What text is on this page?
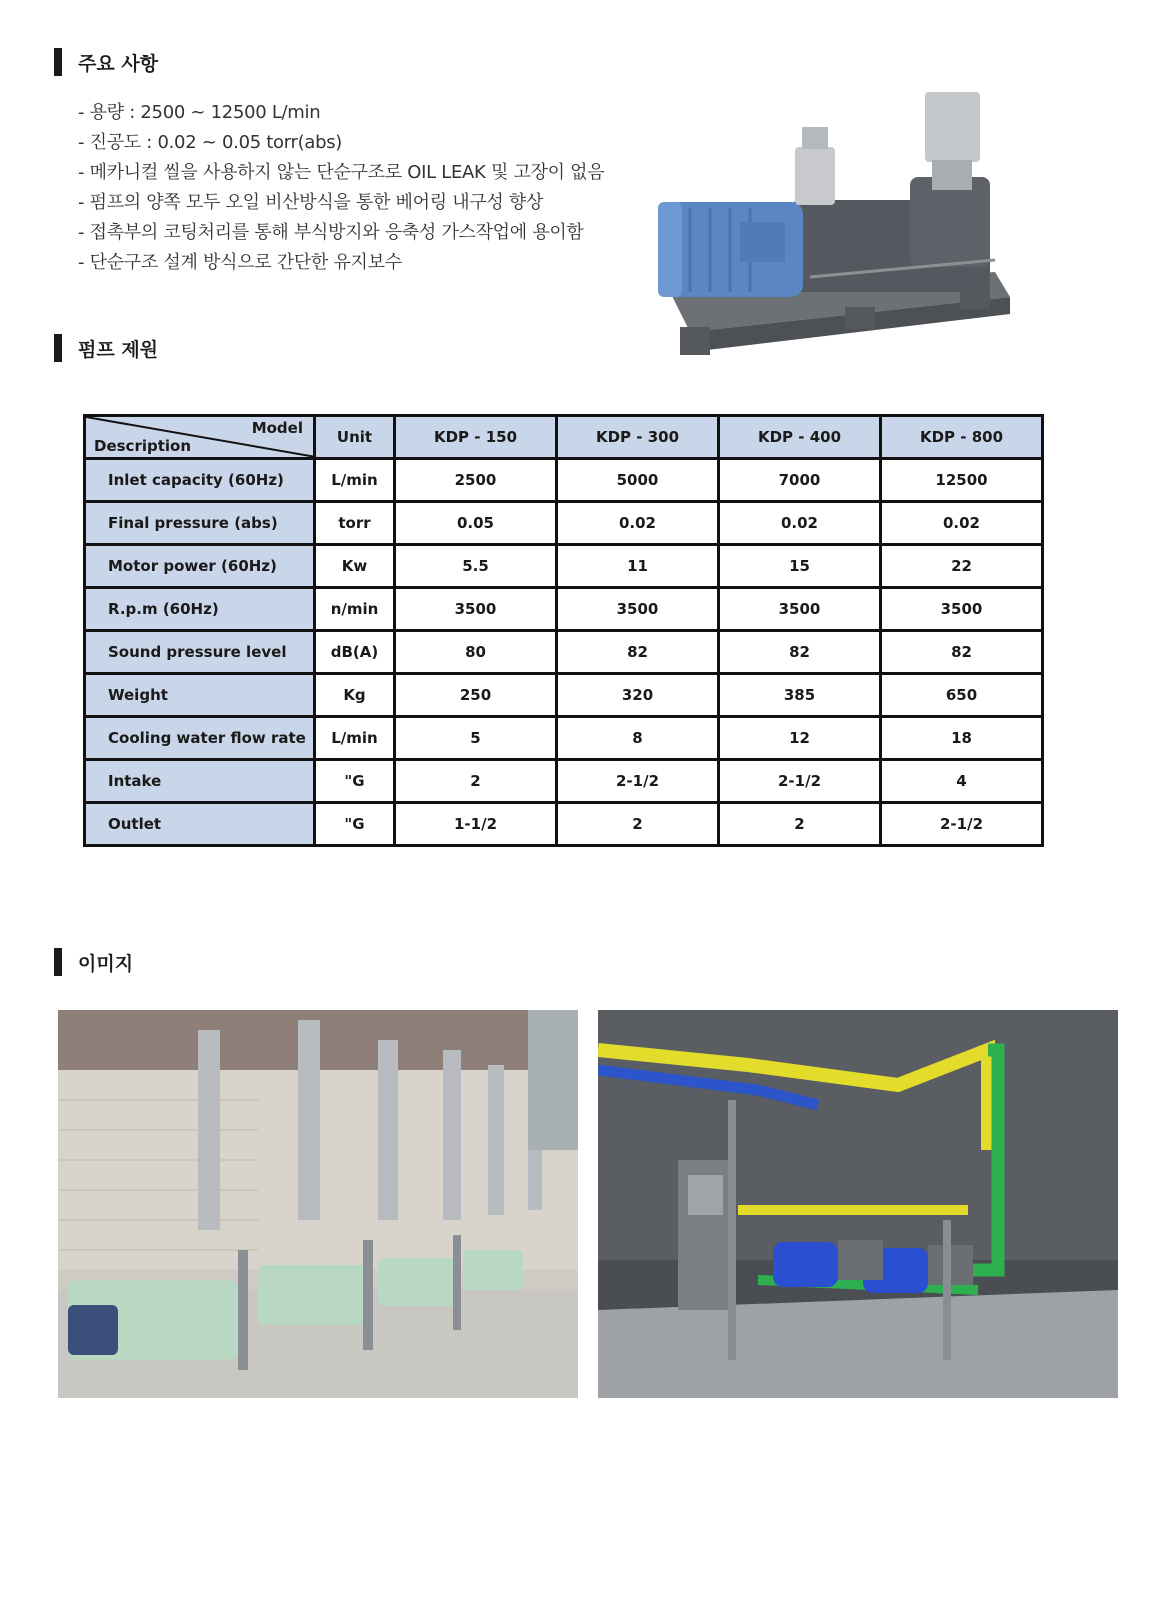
주요 사항
- 용량 : 2500 ~ 12500 L/min
- 진공도 : 0.02 ~ 0.05 torr(abs)
- 메카니컬 씰을 사용하지 않는 단순구조로 OIL LEAK 및 고장이 없음
- 펌프의 양쪽 모두 오일 비산방식을 통한 베어링 내구성 향상
- 접촉부의 코팅처리를 통해 부식방지와 응축성 가스작업에 용이함
- 단순구조 설계 방식으로 간단한 유지보수
펌프 제원
Model
Description	Unit	KDP - 150	KDP - 300	KDP - 400	KDP - 800
Inlet capacity (60Hz)	L/min	2500	5000	7000	12500
Final pressure (abs)	torr	0.05	0.02	0.02	0.02
Motor power (60Hz)	Kw	5.5	11	15	22
R.p.m (60Hz)	n/min	3500	3500	3500	3500
Sound pressure level	dB(A)	80	82	82	82
Weight	Kg	250	320	385	650
Cooling water flow rate	L/min	5	8	12	18
Intake	"G	2	2-1/2	2-1/2	4
Outlet	"G	1-1/2	2	2	2-1/2
이미지
